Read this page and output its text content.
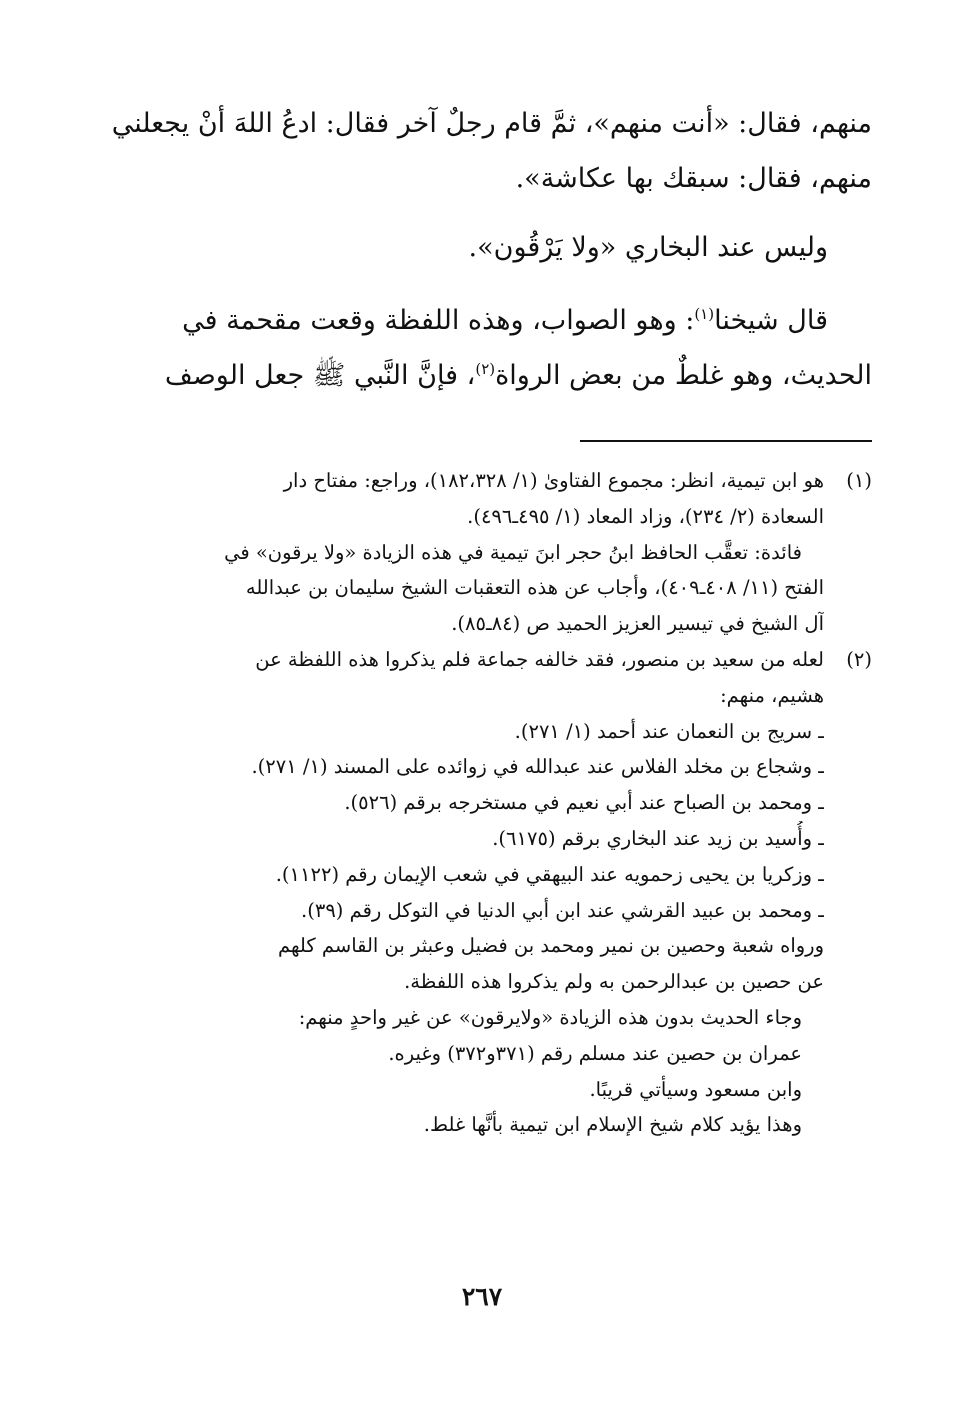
منهم، فقال: «أنت منهم»، ثمَّ قام رجلٌ آخر فقال: ادعُ اللهَ أنْ يجعلني
منهم، فقال: سبقك بها عكاشة».

وليس عند البخاري «ولا يَرْقُون».

قال شيخنا$^{(١)}$: وهو الصواب، وهذه اللفظة وقعت مقحمة في
الحديث، وهو غلطٌ من بعض الرواة$^{(٢)}$، فإنَّ النَّبي ﷺ جعل الوصف

(١)
هو ابن تيمية، انظر: مجموع الفتاوىٰ (١/ ١٨٢،٣٢٨)، وراجع: مفتاح دار
السعادة (٢/ ٢٣٤)، وزاد المعاد (١/ ٤٩٥ـ٤٩٦).
فائدة: تعقَّب الحافظ ابنُ حجر ابنَ تيمية في هذه الزيادة «ولا يرقون» في
الفتح (١١/ ٤٠٨ـ٤٠٩)، وأجاب عن هذه التعقبات الشيخ سليمان بن عبدالله
آل الشيخ في تيسير العزيز الحميد ص (٨٤ـ٨٥).
(٢)
لعله من سعيد بن منصور، فقد خالفه جماعة فلم يذكروا هذه اللفظة عن
هشيم، منهم:
ـ سريج بن النعمان عند أحمد (١/ ٢٧١).
ـ وشجاع بن مخلد الفلاس عند عبدالله في زوائده على المسند (١/ ٢٧١).
ـ ومحمد بن الصباح عند أبي نعيم في مستخرجه برقم (٥٢٦).
ـ وأُسيد بن زيد عند البخاري برقم (٦١٧٥).
ـ وزكريا بن يحيى زحمويه عند البيهقي في شعب الإيمان رقم (١١٢٢).
ـ ومحمد بن عبيد القرشي عند ابن أبي الدنيا في التوكل رقم (٣٩).
ورواه شعبة وحصين بن نمير ومحمد بن فضيل وعبثر بن القاسم كلهم
عن حصين بن عبدالرحمن به ولم يذكروا هذه اللفظة.
وجاء الحديث بدون هذه الزيادة «ولايرقون» عن غير واحدٍ منهم:
عمران بن حصين عند مسلم رقم (٣٧١و٣٧٢) وغيره.
وابن مسعود وسيأتي قريبًا.
وهذا يؤيد كلام شيخ الإسلام ابن تيمية بأنَّها غلط.
٢٦٧
